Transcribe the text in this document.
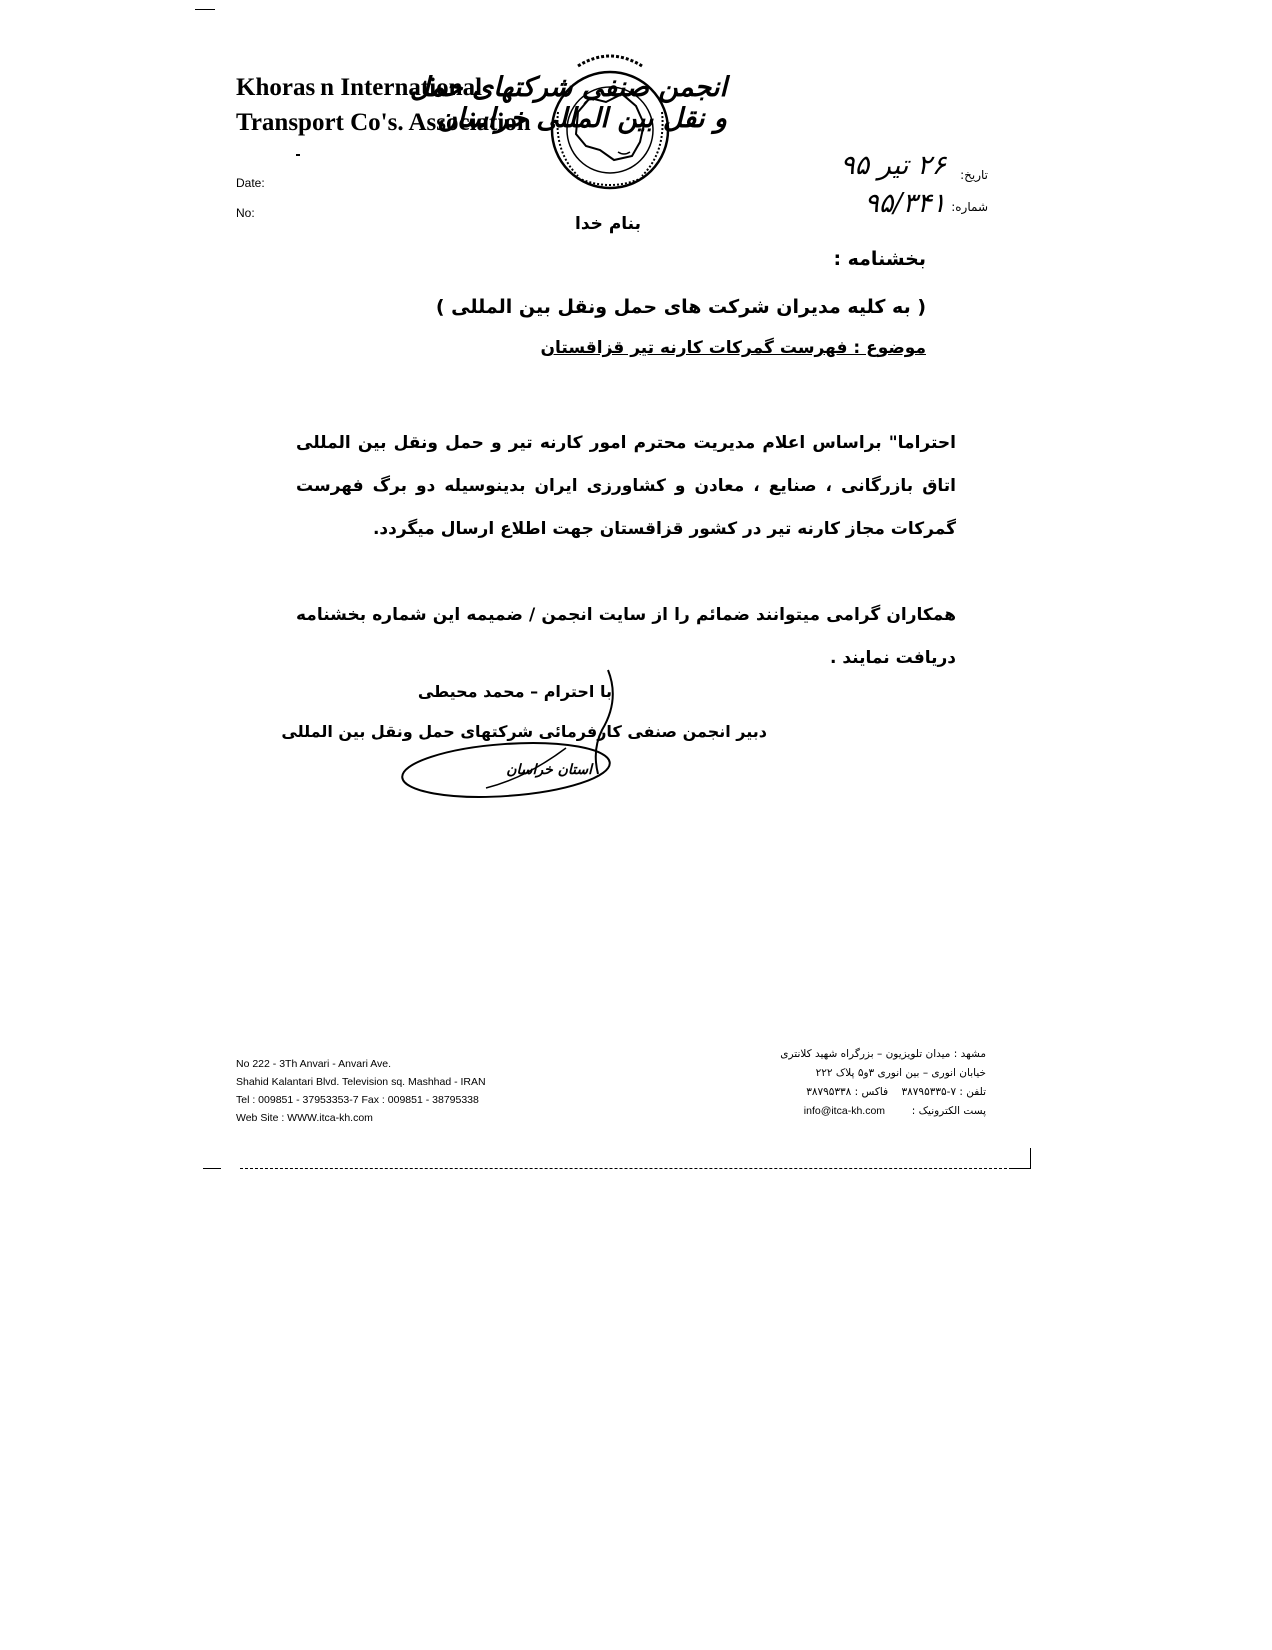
Khoras n International
Transport Co's. Association
Date:
No:
انجمن صنفی شرکتهای حمل و نقل بین المللی خراسان
تاریخ:
۲۶ تیر ۹۵
شماره:
۹۵/۳۴۱
بنام خدا
بخشنامه :
( به کلیه مدیران شرکت های حمل ونقل بین المللی )
موضوع : فهرست گمرکات کارنه تیر قزاقستان
احتراما" براساس اعلام مدیریت محترم امور کارنه تیر و حمل ونقل بین المللی اتاق بازرگانی ، صنایع ، معادن و کشاورزی ایران بدینوسیله دو برگ فهرست گمرکات مجاز کارنه تیر در کشور قزاقستان جهت اطلاع ارسال میگردد.
همکاران گرامی میتوانند ضمائم را از سایت انجمن / ضمیمه این شماره بخشنامه دریافت نمایند .
با احترام – محمد محیطی
دبیر انجمن صنفی کارفرمائی شرکتهای حمل ونقل بین المللی
استان خراسان
No 222 - 3Th Anvari - Anvari Ave.
Shahid Kalantari Blvd. Television sq. Mashhad - IRAN
Tel : 009851 - 37953353-7 Fax : 009851 - 38795338
Web Site : WWW.itca-kh.com
مشهد : میدان تلویزیون – بزرگراه شهید کلانتری
خیابان انوری – بین انوری ۳و۵ پلاک ۲۲۲
تلفن : ۷-۳۸۷۹۵۳۳۵    فاکس : ۳۸۷۹۵۳۳۸
پست الکترونیک :        info@itca-kh.com
